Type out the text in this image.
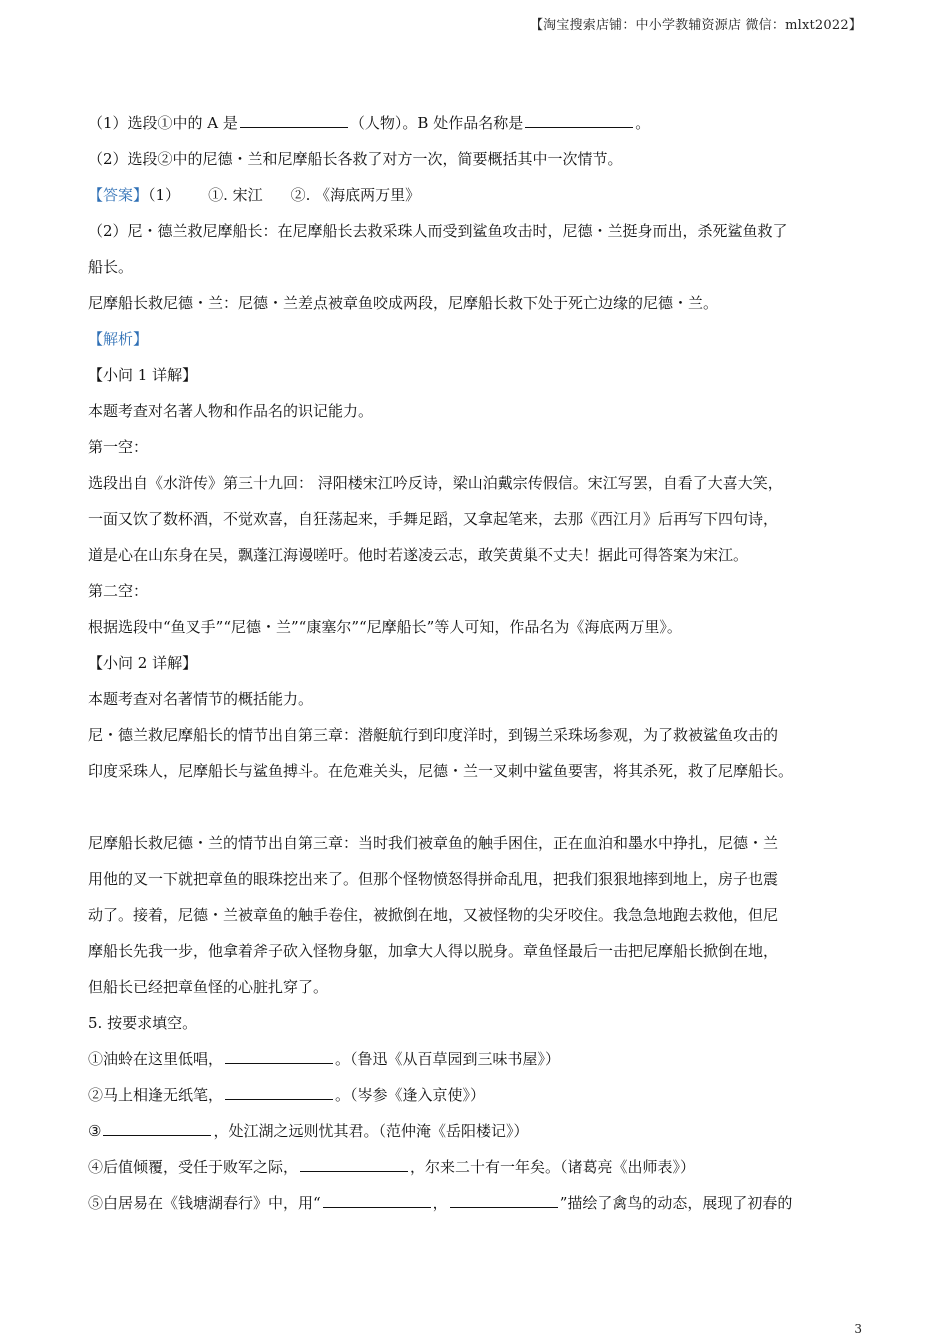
【淘宝搜索店铺：中小学教辅资源店 微信：mlxt2022】
（1）选段①中的 A 是	（人物）。B 处作品名称是	。
（2）选段②中的尼德・兰和尼摩船长各救了对方一次，简要概括其中一次情节。
【答案】（1） ①. 宋江 ②. 《海底两万里》
（2）尼・德兰救尼摩船长：在尼摩船长去救采珠人而受到鲨鱼攻击时，尼德・兰挺身而出，杀死鲨鱼救了
船长。
尼摩船长救尼德・兰：尼德・兰差点被章鱼咬成两段，尼摩船长救下处于死亡边缘的尼德・兰。
【解析】
【小问 1 详解】
本题考查对名著人物和作品名的识记能力。
第一空：
选段出自《水浒传》第三十九回： 浔阳楼宋江吟反诗，梁山泊戴宗传假信。宋江写罢，自看了大喜大笑，
一面又饮了数杯酒，不觉欢喜，自狂荡起来，手舞足蹈，又拿起笔来，去那《西江月》后再写下四句诗，
道是心在山东身在吴，飘蓬江海谩嗟吁。他时若遂凌云志，敢笑黄巢不丈夫！据此可得答案为宋江。
第二空：
根据选段中“鱼叉手”“尼德・兰”“康塞尔”“尼摩船长”等人可知，作品名为《海底两万里》。
【小问 2 详解】
本题考查对名著情节的概括能力。
尼・德兰救尼摩船长的情节出自第三章：潜艇航行到印度洋时，到锡兰采珠场参观，为了救被鲨鱼攻击的
印度采珠人，尼摩船长与鲨鱼搏斗。在危难关头，尼德・兰一叉刺中鲨鱼要害，将其杀死，救了尼摩船长。
尼摩船长救尼德・兰的情节出自第三章：当时我们被章鱼的触手困住，正在血泊和墨水中挣扎，尼德・兰
用他的叉一下就把章鱼的眼珠挖出来了。但那个怪物愤怒得拼命乱甩，把我们狠狠地摔到地上，房子也震
动了。接着，尼德・兰被章鱼的触手卷住，被掀倒在地，又被怪物的尖牙咬住。我急急地跑去救他，但尼
摩船长先我一步，他拿着斧子砍入怪物身躯，加拿大人得以脱身。章鱼怪最后一击把尼摩船长掀倒在地，
但船长已经把章鱼怪的心脏扎穿了。
5. 按要求填空。
①油蛉在这里低唱，	。（鲁迅《从百草园到三味书屋》）
②马上相逢无纸笔，	。（岑参《逢入京使》）
③	，处江湖之远则忧其君。（范仲淹《岳阳楼记》）
④后值倾覆，受任于败军之际，	，尔来二十有一年矣。（诸葛亮《出师表》）
⑤白居易在《钱塘湖春行》中，用“	，	”描绘了禽鸟的动态，展现了初春的
3
